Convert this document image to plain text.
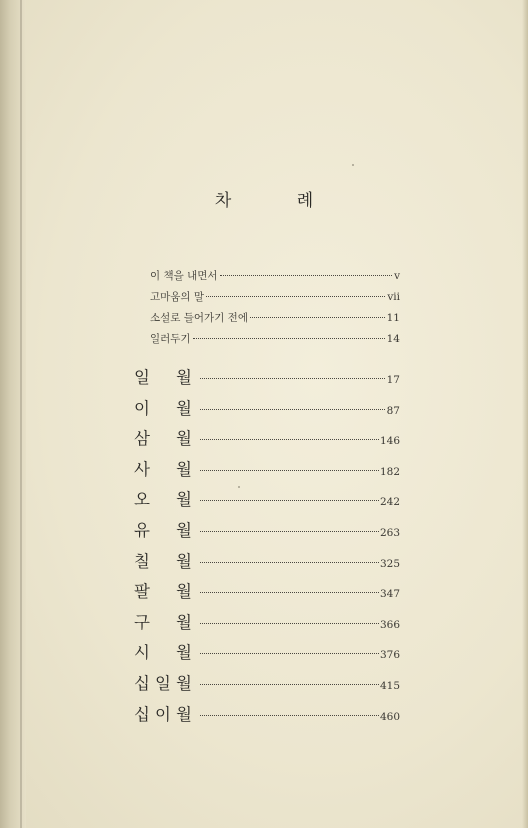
차 례
이 책을 내면서	v
고마움의 말	vii
소설로 들어가기 전에	11
일러두기	14
일 월	17
이 월	87
삼 월	146
사 월	182
오 월	242
유 월	263
칠 월	325
팔 월	347
구 월	366
시 월	376
십 일 월	415
십 이 월	460
